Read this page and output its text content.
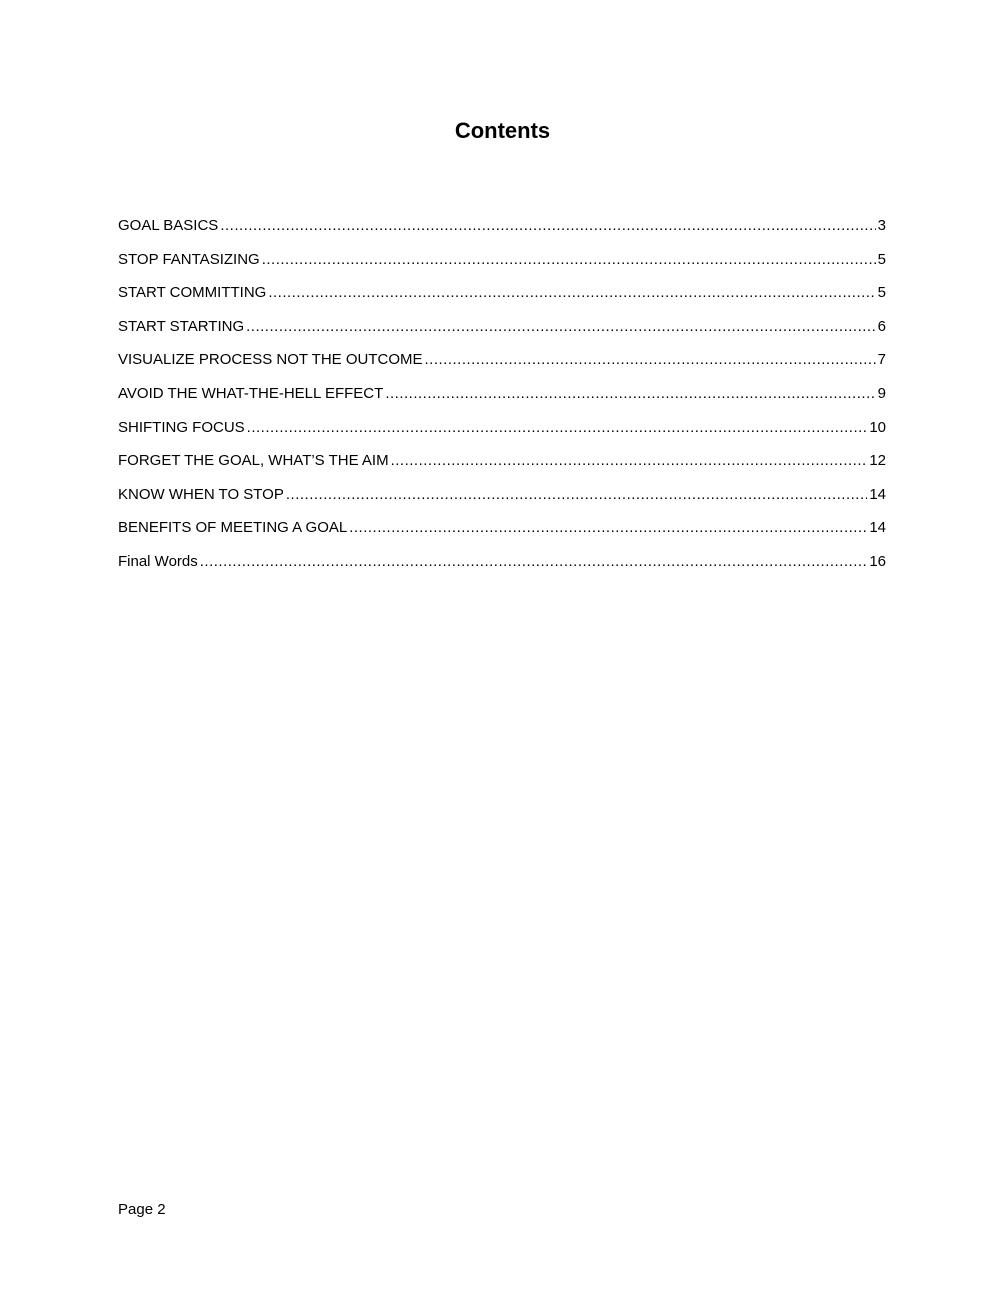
Contents
GOAL BASICS .....	3
STOP FANTASIZING .....	5
START COMMITTING .....	5
START STARTING .....	6
VISUALIZE PROCESS NOT THE OUTCOME .....	7
AVOID THE WHAT-THE-HELL EFFECT .....	9
SHIFTING FOCUS .....	10
FORGET THE GOAL, WHAT’S THE AIM .....	12
KNOW WHEN TO STOP .....	14
BENEFITS OF MEETING A GOAL .....	14
Final Words .....	16

Page 2
